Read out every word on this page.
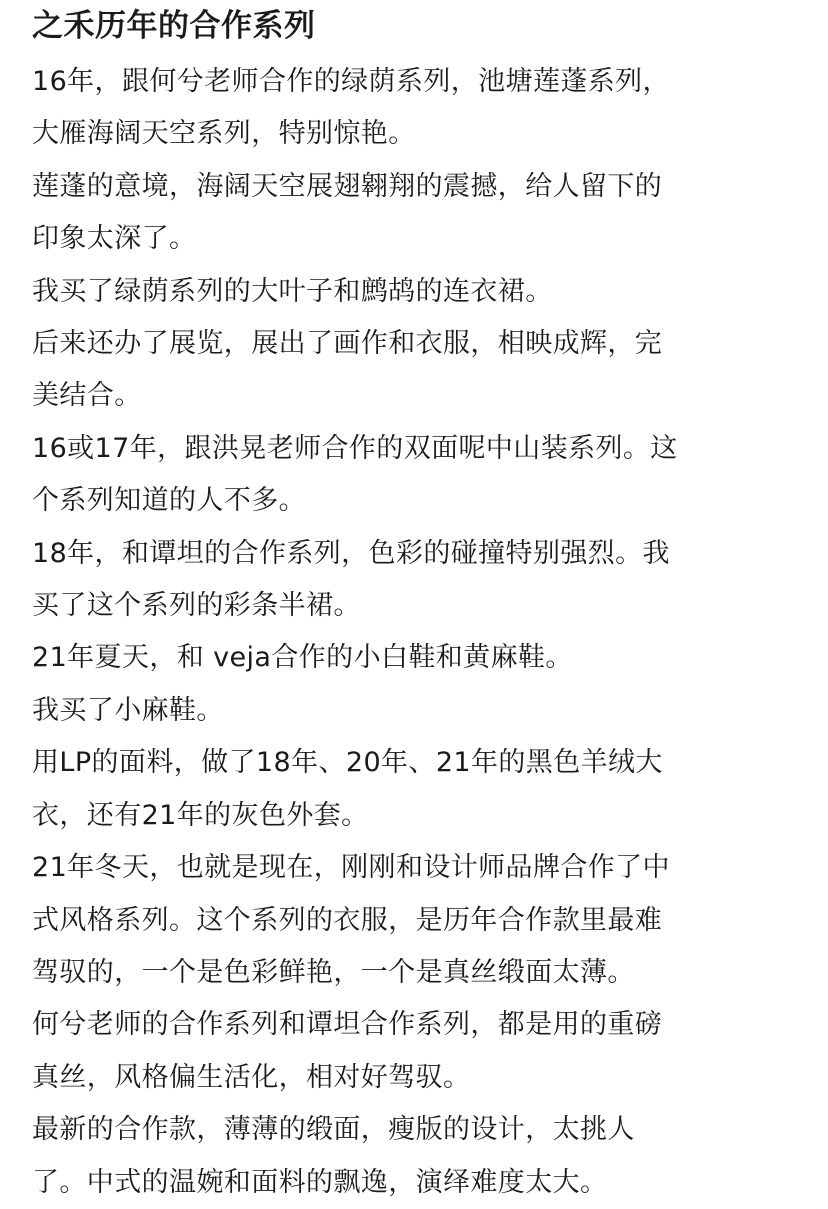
之禾历年的合作系列
16年，跟何兮老师合作的绿荫系列，池塘莲蓬系列，
大雁海阔天空系列，特别惊艳。
莲蓬的意境，海阔天空展翅翱翔的震撼，给人留下的
印象太深了。
我买了绿荫系列的大叶子和鹧鸪的连衣裙。
后来还办了展览，展出了画作和衣服，相映成辉，完
美结合。
16或17年，跟洪晃老师合作的双面呢中山装系列。这
个系列知道的人不多。
18年，和谭坦的合作系列，色彩的碰撞特别强烈。我
买了这个系列的彩条半裙。
21年夏天，和 veja合作的小白鞋和黄麻鞋。
我买了小麻鞋。
用LP的面料，做了18年、20年、21年的黑色羊绒大
衣，还有21年的灰色外套。
21年冬天，也就是现在，刚刚和设计师品牌合作了中
式风格系列。这个系列的衣服，是历年合作款里最难
驾驭的，一个是色彩鲜艳，一个是真丝缎面太薄。
何兮老师的合作系列和谭坦合作系列，都是用的重磅
真丝，风格偏生活化，相对好驾驭。
最新的合作款，薄薄的缎面，瘦版的设计，太挑人
了。中式的温婉和面料的飘逸，演绎难度太大。
